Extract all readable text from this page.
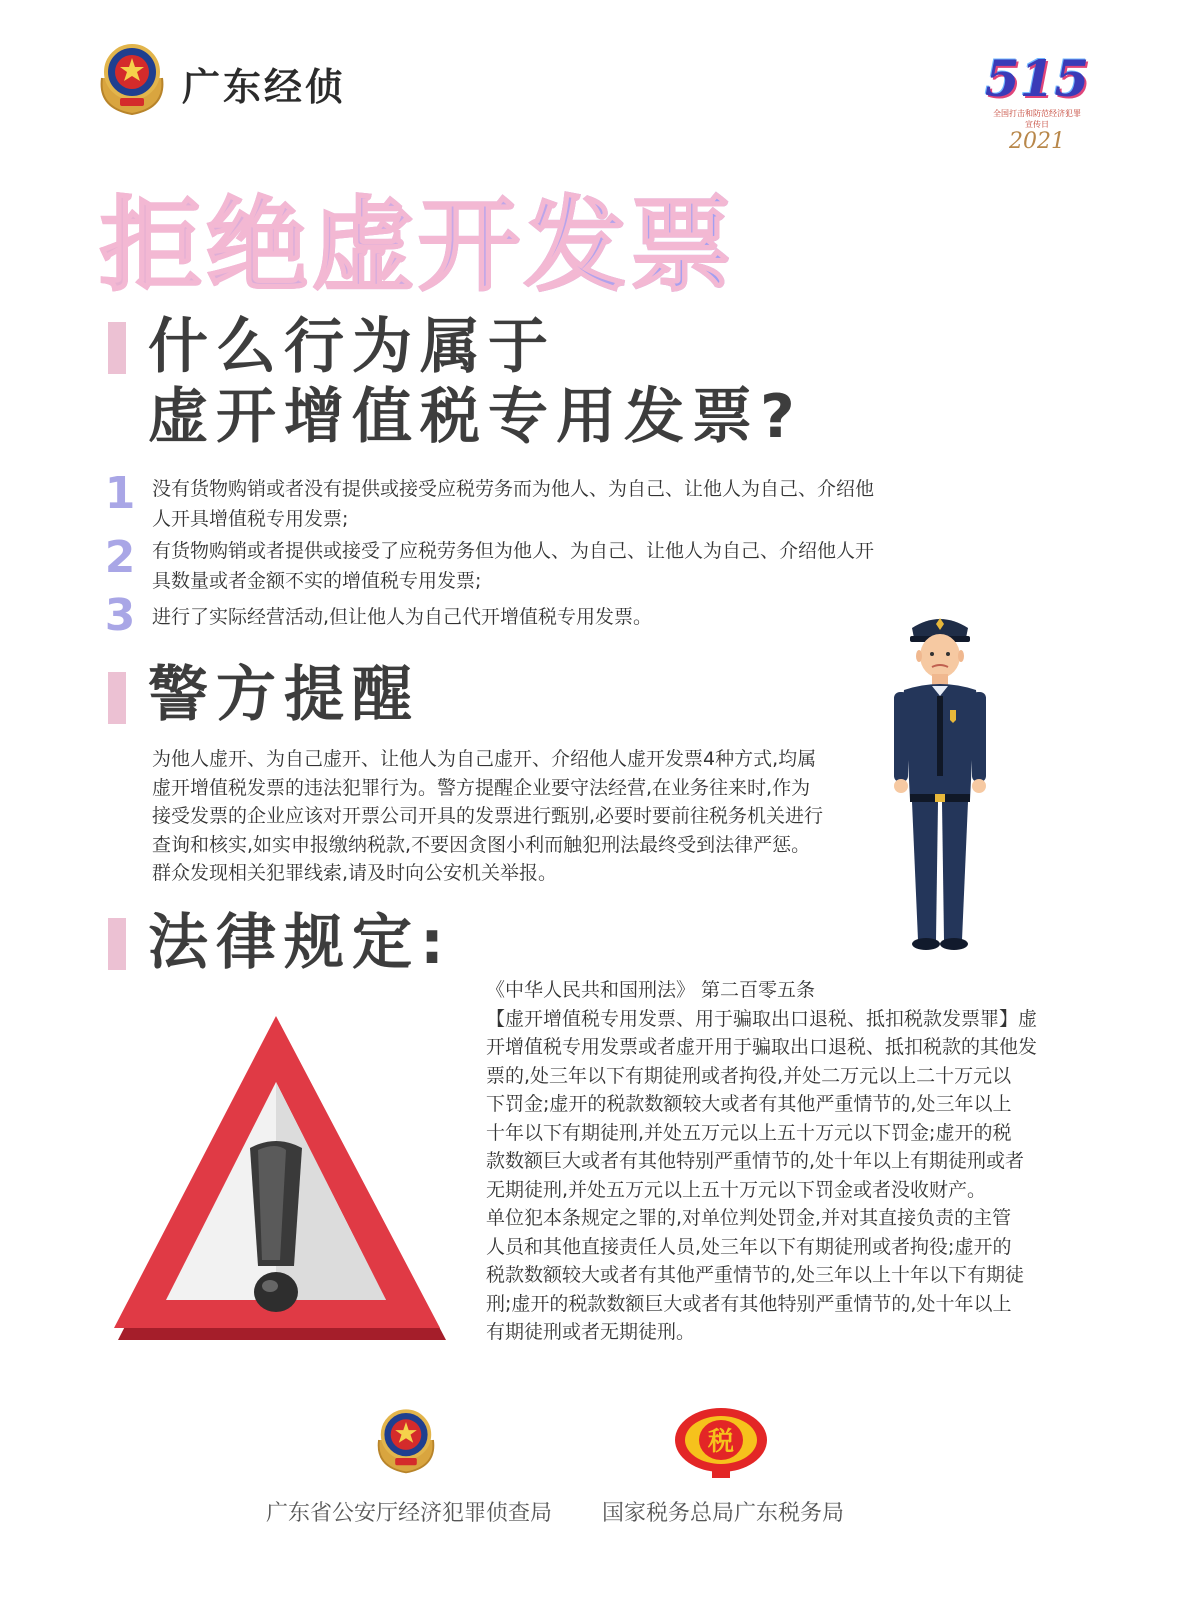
广东经侦	515
全国打击和防范经济犯罪
宣传日
2021
拒绝虚开发票
什么行为属于
虚开增值税专用发票?
1 没有货物购销或者没有提供或接受应税劳务而为他人、为自己、让他人为自己、介绍他人开具增值税专用发票;
2 有货物购销或者提供或接受了应税劳务但为他人、为自己、让他人为自己、介绍他人开具数量或者金额不实的增值税专用发票;
3 进行了实际经营活动,但让他人为自己代开增值税专用发票。
警方提醒
为他人虚开、为自己虚开、让他人为自己虚开、介绍他人虚开发票4种方式,均属
虚开增值税发票的违法犯罪行为。警方提醒企业要守法经营,在业务往来时,作为
接受发票的企业应该对开票公司开具的发票进行甄别,必要时要前往税务机关进行
查询和核实,如实申报缴纳税款,不要因贪图小利而触犯刑法最终受到法律严惩。
群众发现相关犯罪线索,请及时向公安机关举报。
法律规定:
《中华人民共和国刑法》 第二百零五条
【虚开增值税专用发票、用于骗取出口退税、抵扣税款发票罪】虚
开增值税专用发票或者虚开用于骗取出口退税、抵扣税款的其他发
票的,处三年以下有期徒刑或者拘役,并处二万元以上二十万元以
下罚金;虚开的税款数额较大或者有其他严重情节的,处三年以上
十年以下有期徒刑,并处五万元以上五十万元以下罚金;虚开的税
款数额巨大或者有其他特别严重情节的,处十年以上有期徒刑或者
无期徒刑,并处五万元以上五十万元以下罚金或者没收财产。
单位犯本条规定之罪的,对单位判处罚金,并对其直接负责的主管
人员和其他直接责任人员,处三年以下有期徒刑或者拘役;虚开的
税款数额较大或者有其他严重情节的,处三年以上十年以下有期徒
刑;虚开的税款数额巨大或者有其他特别严重情节的,处十年以上
有期徒刑或者无期徒刑。
税
广东省公安厅经济犯罪侦查局 国家税务总局广东税务局
